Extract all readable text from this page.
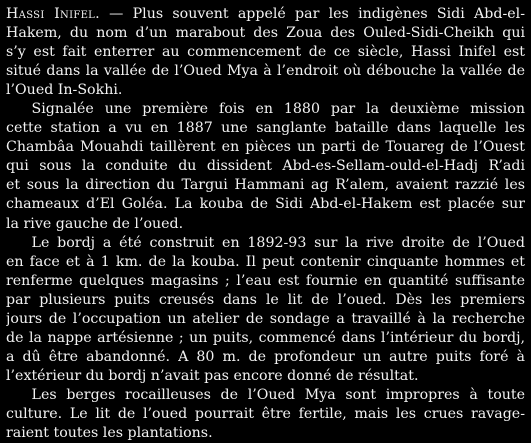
Hassi Inifel. — Plus souvent appelé par les indigènes Sidi Abd-el-
Hakem, du nom d’un marabout des Zoua des Ouled-Sidi-Cheikh qui
s’y est fait enterrer au commencement de ce siècle, Hassi Inifel est
situé dans la vallée de l’Oued Mya à l’endroit où débouche la vallée de
l’Oued In-Sokhi.
Signalée une première fois en 1880 par la deuxième mission
cette station a vu en 1887 une sanglante bataille dans laquelle les
Chambâa Mouahdi taillèrent en pièces un parti de Touareg de l’Ouest
qui sous la conduite du dissident Abd-es-Sellam-ould-el-Hadj R’adi
et sous la direction du Targui Hammani ag R’alem, avaient razzié les
chameaux d’El Goléa. La kouba de Sidi Abd-el-Hakem est placée sur
la rive gauche de l’oued.
Le bordj a été construit en 1892-93 sur la rive droite de l’Oued
en face et à 1 km. de la kouba. Il peut contenir cinquante hommes et
renferme quelques magasins ; l’eau est fournie en quantité suffisante
par plusieurs puits creusés dans le lit de l’oued. Dès les premiers
jours de l’occupation un atelier de sondage a travaillé à la recherche
de la nappe artésienne ; un puits, commencé dans l’intérieur du bordj,
a dû être abandonné. A 80 m. de profondeur un autre puits foré à
l’extérieur du bordj n’avait pas encore donné de résultat.
Les berges rocailleuses de l’Oued Mya sont impropres à toute
culture. Le lit de l’oued pourrait être fertile, mais les crues ravage-
raient toutes les plantations.
